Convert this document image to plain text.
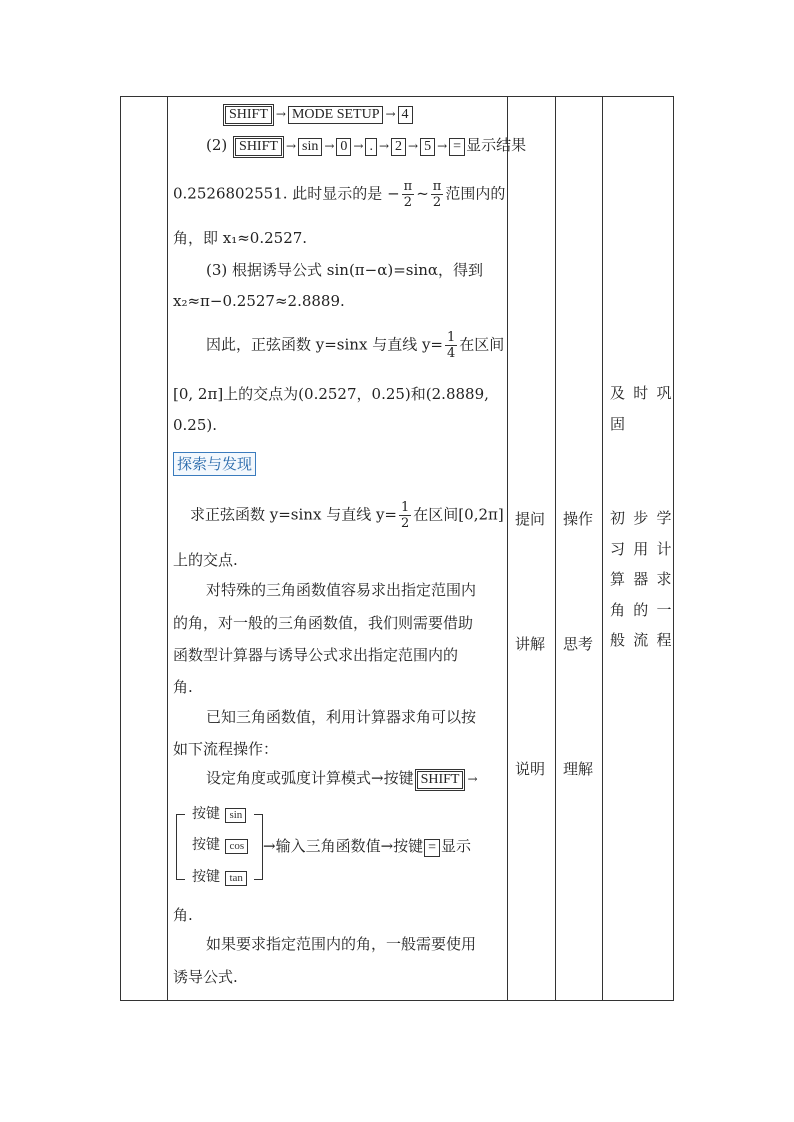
SHIFT → MODE SETUP → 4
(2) SHIFT → sin → 0 → . → 2 → 5 → = 显示结果
0.2526802551. 此时显示的是 − $\frac{\pi}{2}$ ~ $\frac{\pi}{2}$ 范围内的
角，即 x₁≈0.2527.
(3) 根据诱导公式 sin(π−α)=sinα，得到
x₂≈π−0.2527≈2.8889.
因此，正弦函数 y=sinx 与直线 $y= \frac{1}{4}$ 在区间
[0, 2π]上的交点为(0.2527，0.25)和(2.8889,
0.25).
探索与发现
求正弦函数 y=sinx 与直线 $y= \frac{1}{2}$ 在区间[0,2π]
上的交点.
对特殊的三角函数值容易求出指定范围内
的角，对一般的三角函数值，我们则需要借助
函数型计算器与诱导公式求出指定范围内的
角.
已知三角函数值，利用计算器求角可以按
如下流程操作：
设定角度或弧度计算模式→按键 SHIFT →
按键 sin
按键 cos
按键 tan
→输入三角函数值→按键 = 显示
角.
如果要求指定范围内的角，一般需要使用
诱导公式.
提问
讲解
说明
操作
思考
理解
及时巩
固
初步学
习用计
算器求
角的一
般流程
